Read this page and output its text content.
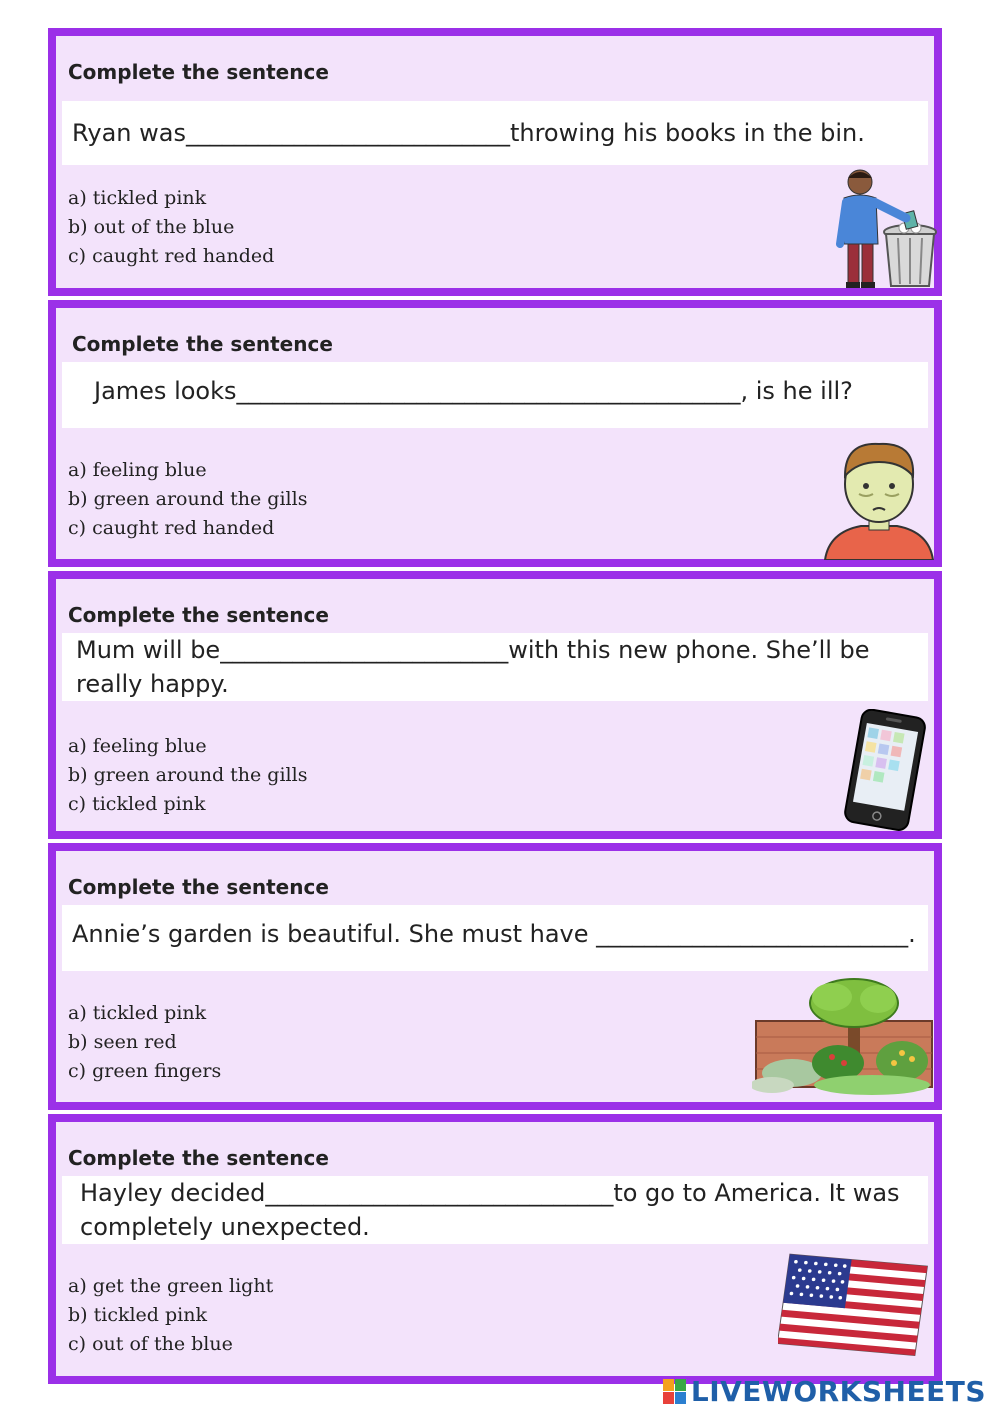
Complete the sentence
Ryan was___________________________throwing his books in the bin.
a) tickled pink
b) out of the blue
c) caught red handed
Complete the sentence
James looks__________________________________________, is he ill?
a) feeling blue
b) green around the gills
c) caught red handed
Complete the sentence
Mum will be________________________with this new phone. She’ll be really happy.
a) feeling blue
b) green around the gills
c) tickled pink
Complete the sentence
Annie’s garden is beautiful. She must have __________________________.
a) tickled pink
b) seen red
c) green fingers
Complete the sentence
Hayley decided_____________________________to go to America. It was completely unexpected.
a) get the green light
b) tickled pink
c) out of the blue
LIVEWORKSHEETS
